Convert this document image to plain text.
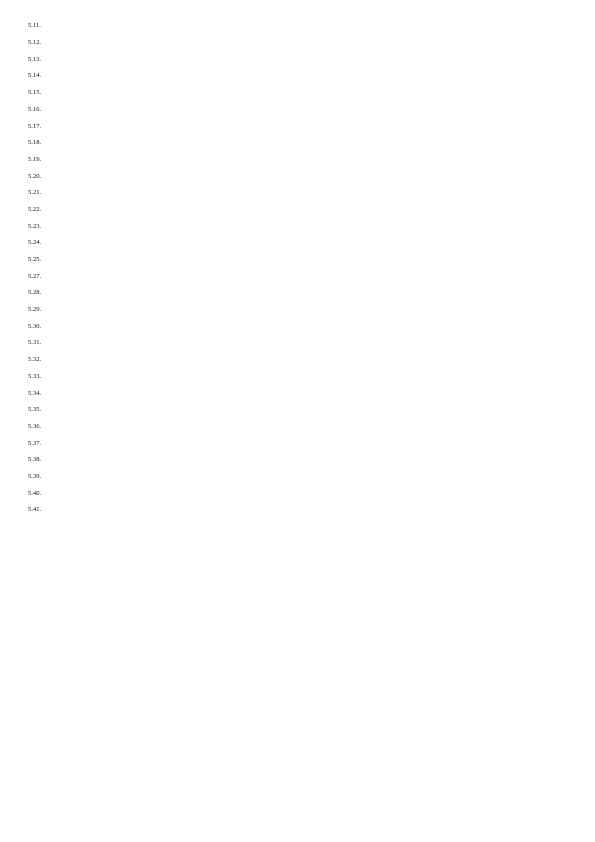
5.11.

5.12.

5.13.

5.14.

5.15.

5.16.

5.17.

5.18.

5.19.

5.20.

5.21.

5.22.

5.23.

5.24.

5.25.

5.27.

5.28.

5.29.

5.30.

5.31.

5.32.

5.33.

5.34.

5.35.

5.36.

5.37.

5.38.

5.39.

5.40.

5.41.
